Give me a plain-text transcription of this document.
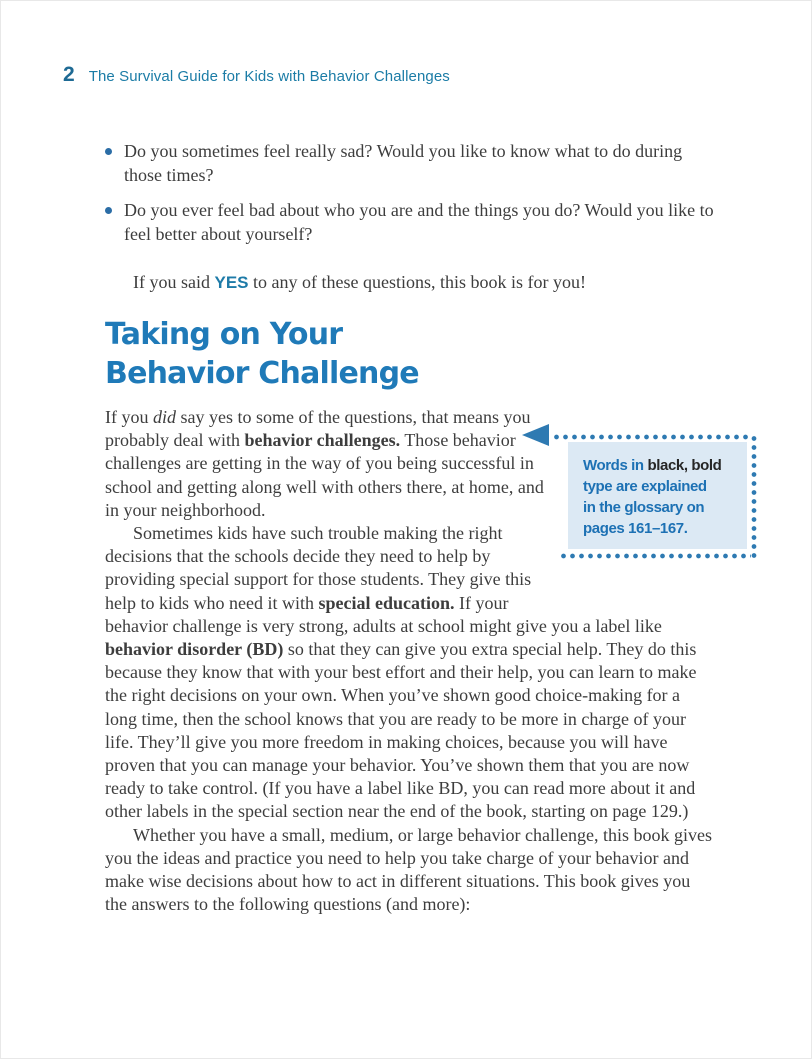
2 The Survival Guide for Kids with Behavior Challenges
Do you sometimes feel really sad? Would you like to know what to do during those times?
Do you ever feel bad about who you are and the things you do? Would you like to feel better about yourself?

If you said YES to any of these questions, this book is for you!

Taking on Your
Behavior Challenge
Words in black, bold
type are explained
in the glossary on
pages 161–167.

If you did say yes to some of the questions, that means you probably deal with behavior challenges. Those behavior challenges are getting in the way of you being successful in school and getting along well with others there, at home, and in your neighborhood.

Sometimes kids have such trouble making the right decisions that the schools decide they need to help by providing special support for those students. They give this help to kids who need it with special education. If your behavior challenge is very strong, adults at school might give you a label like behavior disorder (BD) so that they can give you extra special help. They do this because they know that with your best effort and their help, you can learn to make the right decisions on your own. When you’ve shown good choice-making for a long time, then the school knows that you are ready to be more in charge of your life. They’ll give you more freedom in making choices, because you will have proven that you can manage your behavior. You’ve shown them that you are now ready to take control. (If you have a label like BD, you can read more about it and other labels in the special section near the end of the book, starting on page 129.)

Whether you have a small, medium, or large behavior challenge, this book gives you the ideas and practice you need to help you take charge of your behavior and make wise decisions about how to act in different situations. This book gives you the answers to the following questions (and more):
